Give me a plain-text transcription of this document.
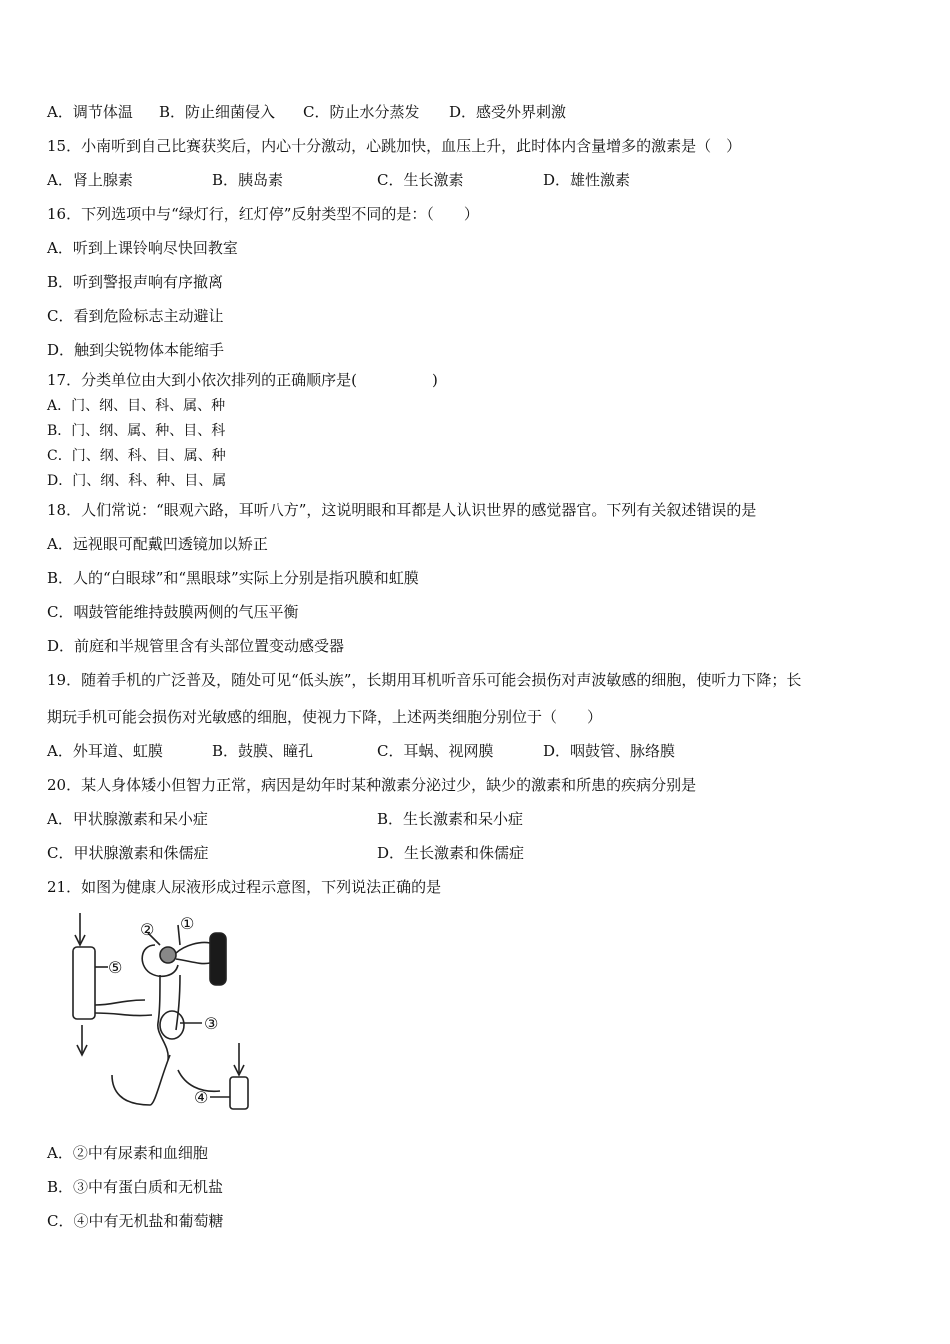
A．调节体温 B．防止细菌侵入 C．防止水分蒸发 D．感受外界刺激
15．小南听到自己比赛获奖后，内心十分激动，心跳加快，血压上升，此时体内含量增多的激素是（　）
A．肾上腺素	B．胰岛素	C．生长激素	D．雄性激素
16．下列选项中与“绿灯行，红灯停”反射类型不同的是：（　　）
A．听到上课铃响尽快回教室
B．听到警报声响有序撤离
C．看到危险标志主动避让
D．触到尖锐物体本能缩手
17．分类单位由大到小依次排列的正确顺序是(　　　　　)
A．门、纲、目、科、属、种
B．门、纲、属、种、目、科
C．门、纲、科、目、属、种
D．门、纲、科、种、目、属
18．人们常说：“眼观六路，耳听八方”，这说明眼和耳都是人认识世界的感觉器官。下列有关叙述错误的是
A．远视眼可配戴凹透镜加以矫正
B．人的“白眼球”和“黑眼球”实际上分别是指巩膜和虹膜
C．咽鼓管能维持鼓膜两侧的气压平衡
D．前庭和半规管里含有头部位置变动感受器
19．随着手机的广泛普及，随处可见“低头族”，长期用耳机听音乐可能会损伤对声波敏感的细胞，使听力下降；长
期玩手机可能会损伤对光敏感的细胞，使视力下降，上述两类细胞分别位于（　　）
A．外耳道、虹膜	B．鼓膜、瞳孔	C．耳蜗、视网膜	D．咽鼓管、脉络膜
20．某人身体矮小但智力正常，病因是幼年时某种激素分泌过少，缺少的激素和所患的疾病分别是
A．甲状腺激素和呆小症	B．生长激素和呆小症
C．甲状腺激素和侏儒症	D．生长激素和侏儒症
21．如图为健康人尿液形成过程示意图，下列说法正确的是
①
②
③
④
⑤
A．②中有尿素和血细胞
B．③中有蛋白质和无机盐
C．④中有无机盐和葡萄糖
